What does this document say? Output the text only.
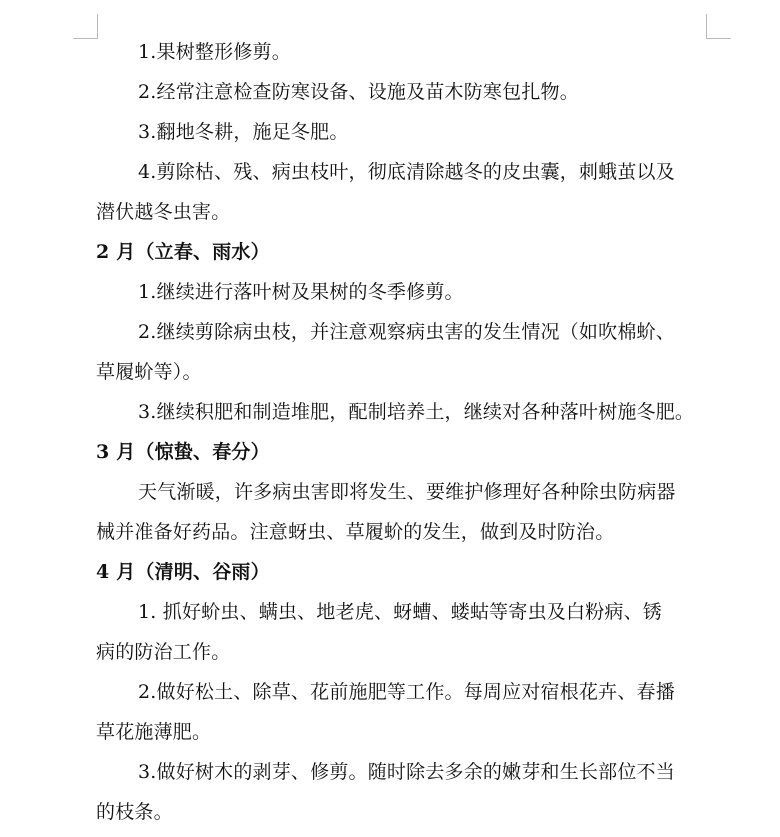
1.果树整形修剪。
2.经常注意检查防寒设备、设施及苗木防寒包扎物。
3.翻地冬耕，施足冬肥。
4.剪除枯、残、病虫枝叶，彻底清除越冬的皮虫囊，刺蛾茧以及
潜伏越冬虫害。
2 月（立春、雨水）
1.继续进行落叶树及果树的冬季修剪。
2.继续剪除病虫枝，并注意观察病虫害的发生情况（如吹棉蚧、
草履蚧等）。
3.继续积肥和制造堆肥，配制培养土，继续对各种落叶树施冬肥。
3 月（惊蛰、春分）
天气渐暖，许多病虫害即将发生、要维护修理好各种除虫防病器
械并准备好药品。注意蚜虫、草履蚧的发生，做到及时防治。
4 月（清明、谷雨）
1. 抓好蚧虫、螨虫、地老虎、蚜螬、蝼蛄等寄虫及白粉病、锈
病的防治工作。
2.做好松土、除草、花前施肥等工作。每周应对宿根花卉、春播
草花施薄肥。
3.做好树木的剥芽、修剪。随时除去多余的嫩芽和生长部位不当
的枝条。
